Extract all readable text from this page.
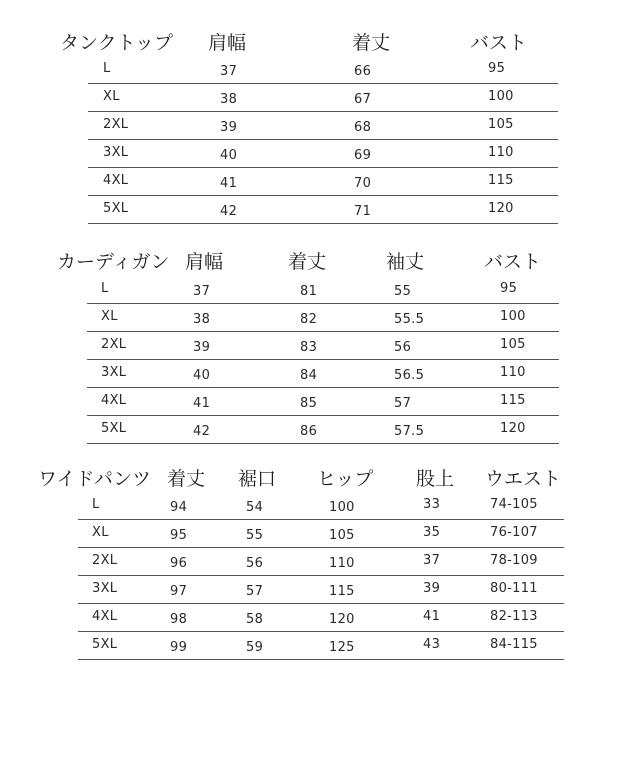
タンクトップ 肩幅	着丈	バスト
L	37	66	95
XL	38	67	100
2XL	39	68	105
3XL	40	69	110
4XL	41	70	115
5XL	42	71	120
カーディガン 肩幅	着丈	袖丈	バスト
L	37	81	55	95
XL	38	82	55.5	100
2XL	39	83	56	105
3XL	40	84	56.5	110
4XL	41	85	57	115
5XL	42	86	57.5	120
ワイドパンツ 着丈 裾口 ヒップ 股上 ウエスト
L	94	54	100	33	74-105
XL	95	55	105	35	76-107
2XL	96	56	110	37	78-109
3XL	97	57	115	39	80-111
4XL	98	58	120	41	82-113
5XL	99	59	125	43	84-115
